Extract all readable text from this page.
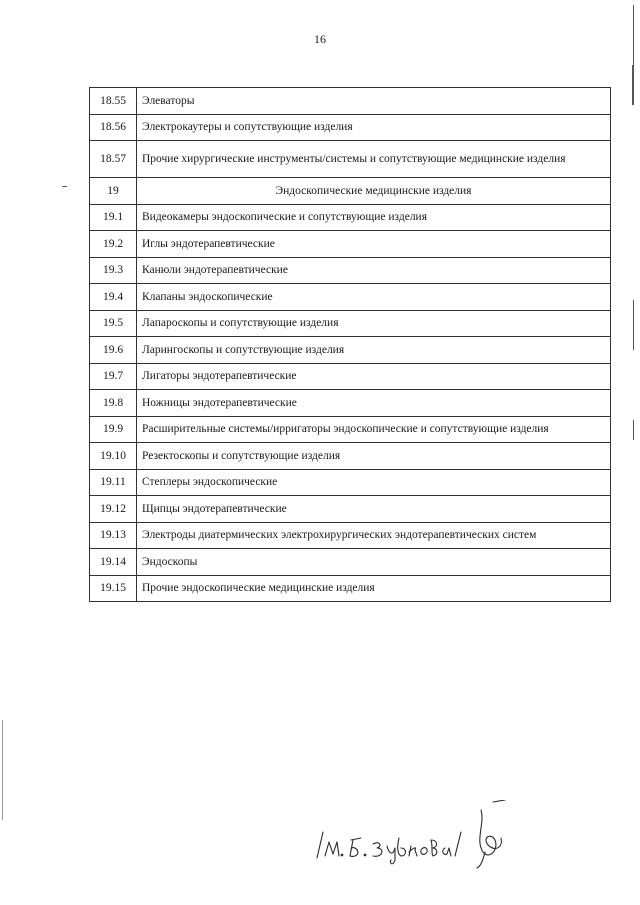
16
18.55	Элеваторы
18.56	Электрокаутеры и сопутствующие изделия
18.57	Прочие хирургические инструменты/системы и сопутствующие медицинские изделия
19	Эндоскопические медицинские изделия
19.1	Видеокамеры эндоскопические и сопутствующие изделия
19.2	Иглы эндотерапевтические
19.3	Канюли эндотерапевтические
19.4	Клапаны эндоскопические
19.5	Лапароскопы и сопутствующие изделия
19.6	Ларингоскопы и сопутствующие изделия
19.7	Лигаторы эндотерапевтические
19.8	Ножницы эндотерапевтические
19.9	Расширительные системы/ирригаторы эндоскопические и сопутствующие изделия
19.10	Резектоскопы и сопутствующие изделия
19.11	Степлеры эндоскопические
19.12	Щипцы эндотерапевтические
19.13	Электроды диатермических электрохирургических эндотерапевтических систем
19.14	Эндоскопы
19.15	Прочие эндоскопические медицинские изделия
